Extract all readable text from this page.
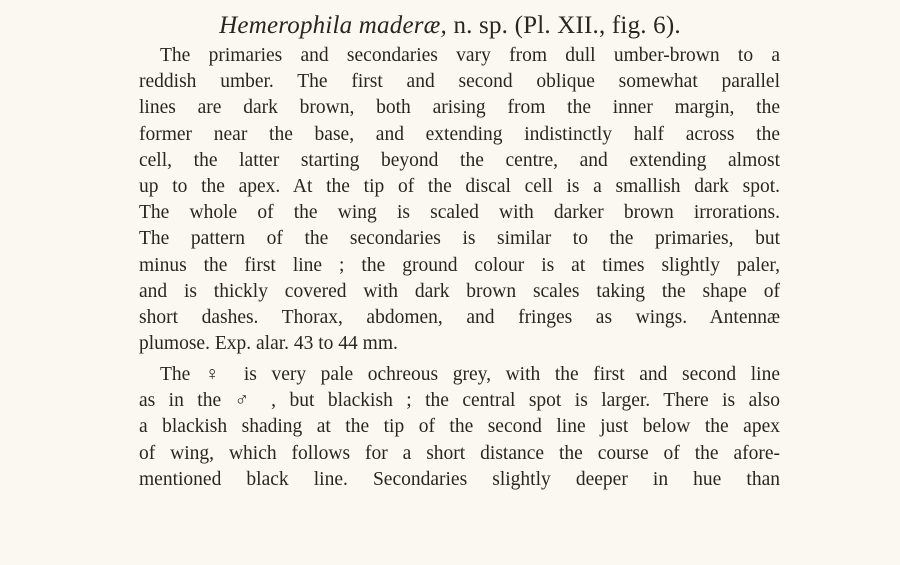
Hemerophila maderæ, n. sp. (Pl. XII., fig. 6).
The primaries and secondaries vary from dull umber-brown to a
reddish umber. The first and second oblique somewhat parallel
lines are dark brown, both arising from the inner margin, the
former near the base, and extending indistinctly half across the
cell, the latter starting beyond the centre, and extending almost
up to the apex. At the tip of the discal cell is a smallish dark spot.
The whole of the wing is scaled with darker brown irrorations.
The pattern of the secondaries is similar to the primaries, but
minus the first line ; the ground colour is at times slightly paler,
and is thickly covered with dark brown scales taking the shape of
short dashes. Thorax, abdomen, and fringes as wings. Antennæ
plumose. Exp. alar. 43 to 44 mm.
The ♀ is very pale ochreous grey, with the first and second line
as in the ♂ , but blackish ; the central spot is larger. There is also
a blackish shading at the tip of the second line just below the apex
of wing, which follows for a short distance the course of the afore-
mentioned black line. Secondaries slightly deeper in hue than
